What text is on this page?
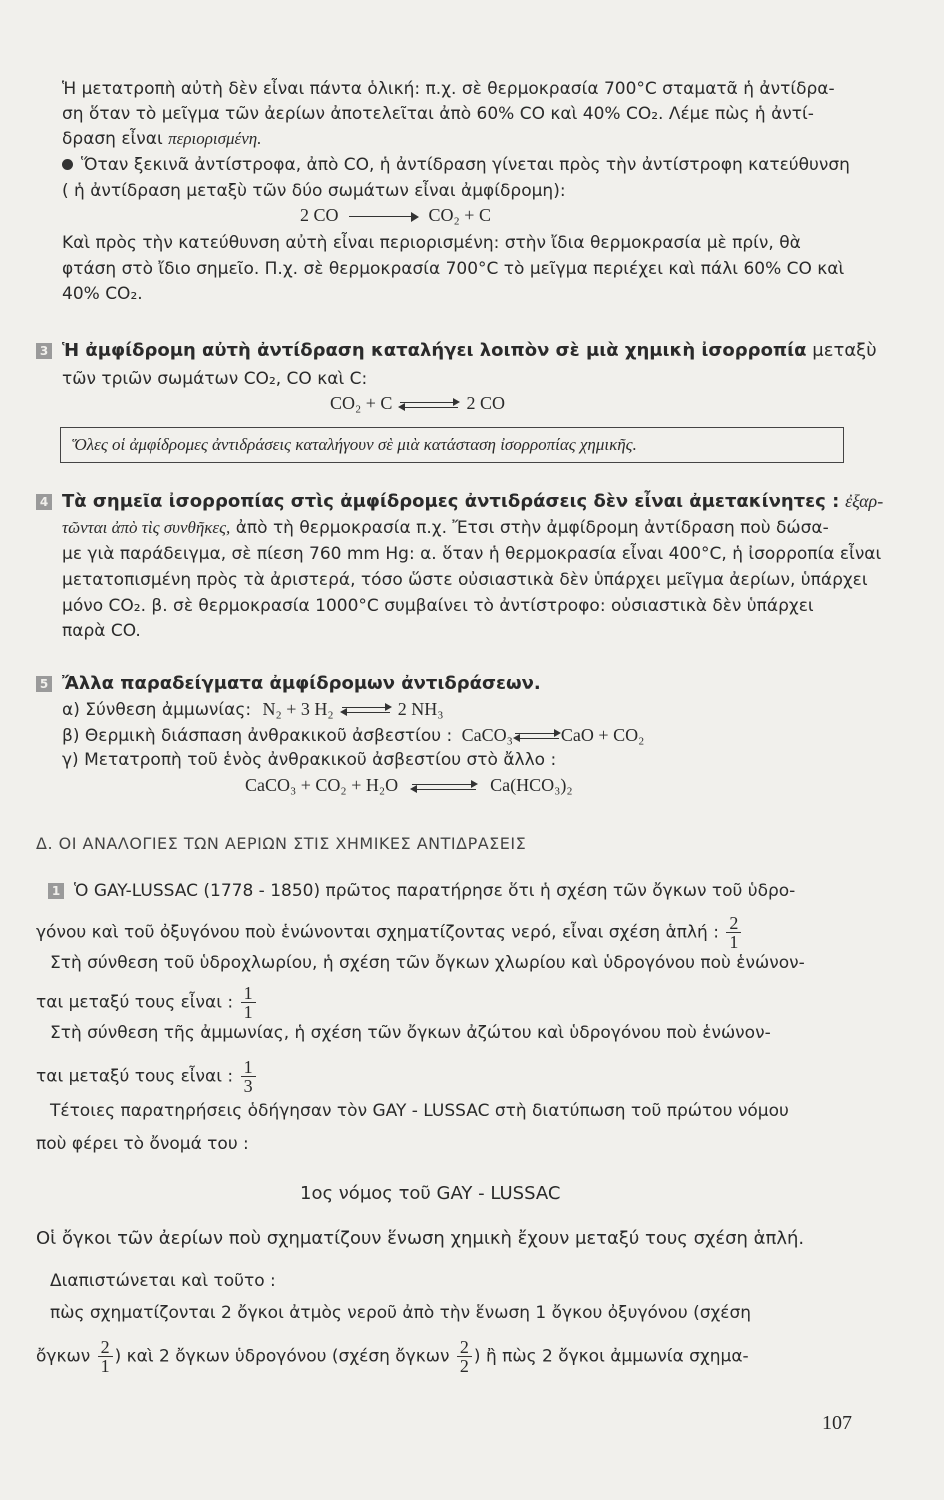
Ἡ μετατροπὴ αὐτὴ δὲν εἶναι πάντα ὁλική: π.χ. σὲ θερμοκρασία 700°C σταματᾶ ἡ ἀντίδρα-
ση ὅταν τὸ μεῖγμα τῶν ἀερίων ἀποτελεῖται ἀπὸ 60% CO καὶ 40% CO₂. Λέμε πὼς ἡ ἀντί-
δραση εἶναι περιορισμένη.
Ὅταν ξεκινᾶ ἀντίστροφα, ἀπὸ CO, ἡ ἀντίδραση γίνεται πρὸς τὴν ἀντίστροφη κατεύθυνση
( ἡ ἀντίδραση μεταξὺ τῶν δύο σωμάτων εἶναι ἀμφίδρομη):
2 CO	CO₂ + C
Καὶ πρὸς τὴν κατεύθυνση αὐτὴ εἶναι περιορισμένη: στὴν ἴδια θερμοκρασία μὲ πρίν, θὰ
φτάση στὸ ἴδιο σημεῖο. Π.χ. σὲ θερμοκρασία 700°C τὸ μεῖγμα περιέχει καὶ πάλι 60% CO καὶ
40% CO₂.
3 Ἡ ἀμφίδρομη αὐτὴ ἀντίδραση καταλήγει λοιπὸν σὲ μιὰ χημικὴ ἰσορροπία μεταξὺ
τῶν τριῶν σωμάτων CO₂, CO καὶ C:
CO₂ + C	2 CO
Ὅλες οἱ ἀμφίδρομες ἀντιδράσεις καταλήγουν σὲ μιὰ κατάσταση ἰσορροπίας χημικῆς.
4 Τὰ σημεῖα ἰσορροπίας στὶς ἀμφίδρομες ἀντιδράσεις δὲν εἶναι ἀμετακίνητες : ἐξαρ-
τῶνται ἀπὸ τὶς συνθῆκες, ἀπὸ τὴ θερμοκρασία π.χ. Ἔτσι στὴν ἀμφίδρομη ἀντίδραση ποὺ δώσα-
με γιὰ παράδειγμα, σὲ πίεση 760 mm Hg: α. ὅταν ἡ θερμοκρασία εἶναι 400°C, ἡ ἰσορροπία εἶναι
μετατοπισμένη πρὸς τὰ ἀριστερά, τόσο ὥστε οὐσιαστικὰ δὲν ὑπάρχει μεῖγμα ἀερίων, ὑπάρχει
μόνο CO₂. β. σὲ θερμοκρασία 1000°C συμβαίνει τὸ ἀντίστροφο: οὐσιαστικὰ δὲν ὑπάρχει
παρὰ CO.
5 Ἄλλα παραδείγματα ἀμφίδρομων ἀντιδράσεων.
α) Σύνθεση ἀμμωνίας: N₂ + 3 H₂	2 NH₃
β) Θερμικὴ διάσπαση ἀνθρακικοῦ ἀσβεστίου : CaCO₃	CaO + CO₂
γ) Μετατροπὴ τοῦ ἑνὸς ἀνθρακικοῦ ἀσβεστίου στὸ ἄλλο :
CaCO₃ + CO₂ + H₂O	Ca(HCO₃)₂
Δ. ΟΙ ΑΝΑΛΟΓΙΕΣ ΤΩΝ ΑΕΡΙΩΝ ΣΤΙΣ ΧΗΜΙΚΕΣ ΑΝΤΙΔΡΑΣΕΙΣ
1 Ὁ GAY-LUSSAC (1778 - 1850) πρῶτος παρατήρησε ὅτι ἡ σχέση τῶν ὄγκων τοῦ ὑδρο-
γόνου καὶ τοῦ ὀξυγόνου ποὺ ἑνώνονται σχηματίζοντας νερό, εἶναι σχέση ἁπλή : $\frac{2}{1}$
Στὴ σύνθεση τοῦ ὑδροχλωρίου, ἡ σχέση τῶν ὄγκων χλωρίου καὶ ὑδρογόνου ποὺ ἑνώνον-
ται μεταξύ τους εἶναι : $\frac{1}{1}$
Στὴ σύνθεση τῆς ἀμμωνίας, ἡ σχέση τῶν ὄγκων ἀζώτου καὶ ὑδρογόνου ποὺ ἑνώνον-
ται μεταξύ τους εἶναι : $\frac{1}{3}$
Τέτοιες παρατηρήσεις ὁδήγησαν τὸν GAY - LUSSAC στὴ διατύπωση τοῦ πρώτου νόμου
ποὺ φέρει τὸ ὄνομά του :
1ος νόμος τοῦ GAY - LUSSAC
Οἱ ὄγκοι τῶν ἀερίων ποὺ σχηματίζουν ἕνωση χημικὴ ἔχουν μεταξύ τους σχέση ἁπλή.
Διαπιστώνεται καὶ τοῦτο :
πὼς σχηματίζονται 2 ὄγκοι ἀτμὸς νεροῦ ἀπὸ τὴν ἕνωση 1 ὄγκου ὀξυγόνου (σχέση
ὄγκων $\frac{2}{1}$ ) καὶ 2 ὄγκων ὑδρογόνου (σχέση ὄγκων $\frac{2}{2}$ ) ἢ πὼς 2 ὄγκοι ἀμμωνία σχημα-
107
